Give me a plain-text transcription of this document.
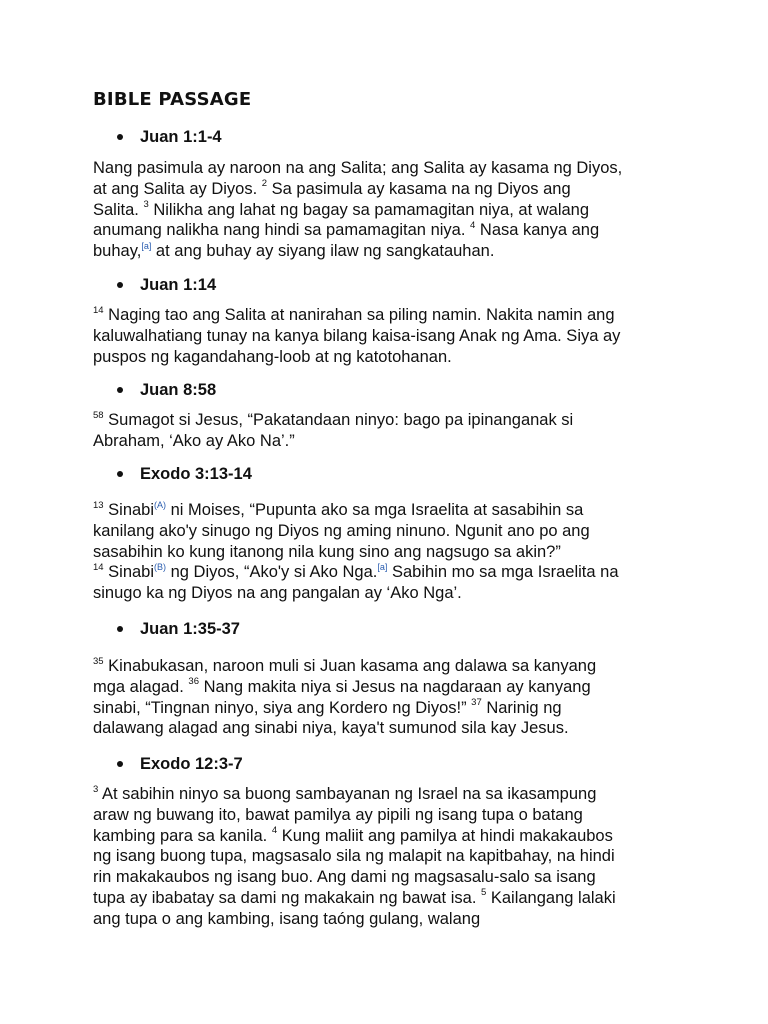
BIBLE PASSAGE
Juan 1:1-4
Nang pasimula ay naroon na ang Salita; ang Salita ay kasama ng Diyos,
at ang Salita ay Diyos. $^2$ Sa pasimula ay kasama na ng Diyos ang
Salita. $^3$ Nilikha ang lahat ng bagay sa pamamagitan niya, at walang
anumang nalikha nang hindi sa pamamagitan niya. $^4$ Nasa kanya ang
buhay,[a] at ang buhay ay siyang ilaw ng sangkatauhan.
Juan 1:14
$^{14}$ Naging tao ang Salita at nanirahan sa piling namin. Nakita namin ang
kaluwalhatiang tunay na kanya bilang kaisa-isang Anak ng Ama. Siya ay
puspos ng kagandahang-loob at ng katotohanan.
Juan 8:58
$^{58}$ Sumagot si Jesus, “Pakatandaan ninyo: bago pa ipinanganak si
Abraham, ‘Ako ay Ako Na’.”
Exodo 3:13-14
$^{13}$ Sinabi$^{(A)}$ ni Moises, “Pupunta ako sa mga Israelita at sasabihin sa
kanilang ako'y sinugo ng Diyos ng aming ninuno. Ngunit ano po ang
sasabihin ko kung itanong nila kung sino ang nagsugo sa akin?”
$^{14}$ Sinabi$^{(B)}$ ng Diyos, “Ako'y si Ako Nga.[a] Sabihin mo sa mga Israelita na
sinugo ka ng Diyos na ang pangalan ay ‘Ako Nga’.
Juan 1:35-37
$^{35}$ Kinabukasan, naroon muli si Juan kasama ang dalawa sa kanyang
mga alagad. $^{36}$ Nang makita niya si Jesus na nagdaraan ay kanyang
sinabi, “Tingnan ninyo, siya ang Kordero ng Diyos!” $^{37}$ Narinig ng
dalawang alagad ang sinabi niya, kaya't sumunod sila kay Jesus.
Exodo 12:3-7
$^3$ At sabihin ninyo sa buong sambayanan ng Israel na sa ikasampung
araw ng buwang ito, bawat pamilya ay pipili ng isang tupa o batang
kambing para sa kanila. $^4$ Kung maliit ang pamilya at hindi makakaubos
ng isang buong tupa, magsasalo sila ng malapit na kapitbahay, na hindi
rin makakaubos ng isang buo. Ang dami ng magsasalu-salo sa isang
tupa ay ibabatay sa dami ng makakain ng bawat isa. $^5$ Kailangang lalaki
ang tupa o ang kambing, isang taóng gulang, walang
